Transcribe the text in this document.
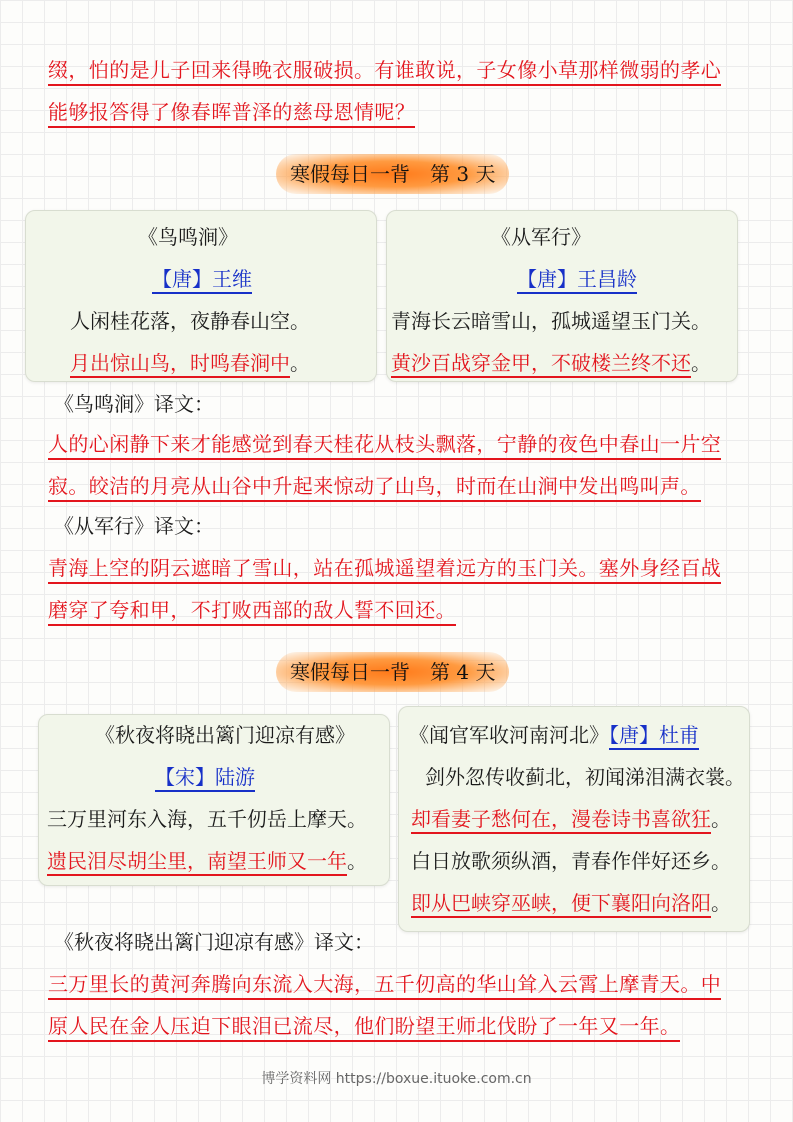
缀，怕的是儿子回来得晚衣服破损。有谁敢说，子女像小草那样微弱的孝心
能够报答得了像春晖普泽的慈母恩情呢？
寒假每日一背　第 3 天
《鸟鸣涧》
【唐】王维
人闲桂花落，夜静春山空。
月出惊山鸟，时鸣春涧中。
《从军行》
【唐】王昌龄
青海长云暗雪山，孤城遥望玉门关。
黄沙百战穿金甲，不破楼兰终不还。
《鸟鸣涧》译文：
人的心闲静下来才能感觉到春天桂花从枝头飘落，宁静的夜色中春山一片空
寂。皎洁的月亮从山谷中升起来惊动了山鸟，时而在山涧中发出鸣叫声。
《从军行》译文：
青海上空的阴云遮暗了雪山，站在孤城遥望着远方的玉门关。塞外身经百战
磨穿了夸和甲，不打败西部的敌人誓不回还。
寒假每日一背　第 4 天
《秋夜将晓出篱门迎凉有感》
【宋】陆游
三万里河东入海，五千仞岳上摩天。
遗民泪尽胡尘里，南望王师又一年。
《闻官军收河南河北》【唐】杜甫
剑外忽传收蓟北，初闻涕泪满衣裳。
却看妻子愁何在，漫卷诗书喜欲狂。
白日放歌须纵酒，青春作伴好还乡。
即从巴峡穿巫峡，便下襄阳向洛阳。
《秋夜将晓出篱门迎凉有感》译文：
三万里长的黄河奔腾向东流入大海，五千仞高的华山耸入云霄上摩青天。中
原人民在金人压迫下眼泪已流尽，他们盼望王师北伐盼了一年又一年。
博学资料网 https://boxue.ituoke.com.cn
